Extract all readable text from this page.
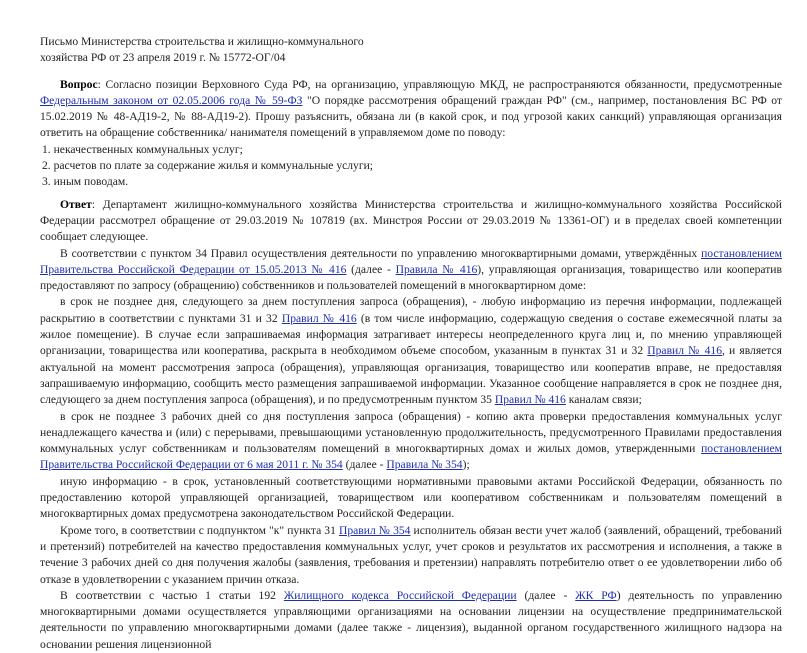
Письмо Министерства строительства и жилищно-коммунального хозяйства РФ от 23 апреля 2019 г. № 15772-ОГ/04

Вопрос: Согласно позиции Верховного Суда РФ, на организацию, управляющую МКД, не распространяются обязанности, предусмотренные Федеральным законом от 02.05.2006 года № 59-ФЗ "О порядке рассмотрения обращений граждан РФ" (см., например, постановления ВС РФ от 15.02.2019 № 48-АД19-2, № 88-АД19-2). Прошу разъяснить, обязана ли (в какой срок, и под угрозой каких санкций) управляющая организация ответить на обращение собственника/ нанимателя помещений в управляемом доме по поводу:

1. некачественных коммунальных услуг;

2. расчетов по плате за содержание жилья и коммунальные услуги;

3. иным поводам.

Ответ: Департамент жилищно-коммунального хозяйства Министерства строительства и жилищно-коммунального хозяйства Российской Федерации рассмотрел обращение от 29.03.2019 № 107819 (вх. Минстроя России от 29.03.2019 № 13361-ОГ) и в пределах своей компетенции сообщает следующее.

В соответствии с пунктом 34 Правил осуществления деятельности по управлению многоквартирными домами, утверждённых постановлением Правительства Российской Федерации от 15.05.2013 № 416 (далее - Правила № 416), управляющая организация, товарищество или кооператив предоставляют по запросу (обращению) собственников и пользователей помещений в многоквартирном доме:

в срок не позднее дня, следующего за днем поступления запроса (обращения), - любую информацию из перечня информации, подлежащей раскрытию в соответствии с пунктами 31 и 32 Правил № 416 (в том числе информацию, содержащую сведения о составе ежемесячной платы за жилое помещение). В случае если запрашиваемая информация затрагивает интересы неопределенного круга лиц и, по мнению управляющей организации, товарищества или кооператива, раскрыта в необходимом объеме способом, указанным в пунктах 31 и 32 Правил № 416, и является актуальной на момент рассмотрения запроса (обращения), управляющая организация, товарищество или кооператив вправе, не предоставляя запрашиваемую информацию, сообщить место размещения запрашиваемой информации. Указанное сообщение направляется в срок не позднее дня, следующего за днем поступления запроса (обращения), и по предусмотренным пунктом 35 Правил № 416 каналам связи;

в срок не позднее 3 рабочих дней со дня поступления запроса (обращения) - копию акта проверки предоставления коммунальных услуг ненадлежащего качества и (или) с перерывами, превышающими установленную продолжительность, предусмотренного Правилами предоставления коммунальных услуг собственникам и пользователям помещений в многоквартирных домах и жилых домов, утвержденными постановлением Правительства Российской Федерации от 6 мая 2011 г. № 354 (далее - Правила № 354);

иную информацию - в срок, установленный соответствующими нормативными правовыми актами Российской Федерации, обязанность по предоставлению которой управляющей организацией, товариществом или кооперативом собственникам и пользователям помещений в многоквартирных домах предусмотрена законодательством Российской Федерации.

Кроме того, в соответствии с подпунктом "к" пункта 31 Правил № 354 исполнитель обязан вести учет жалоб (заявлений, обращений, требований и претензий) потребителей на качество предоставления коммунальных услуг, учет сроков и результатов их рассмотрения и исполнения, а также в течение 3 рабочих дней со дня получения жалобы (заявления, требования и претензии) направлять потребителю ответ о ее удовлетворении либо об отказе в удовлетворении с указанием причин отказа.

В соответствии с частью 1 статьи 192 Жилищного кодекса Российской Федерации (далее - ЖК РФ) деятельность по управлению многоквартирными домами осуществляется управляющими организациями на основании лицензии на осуществление предпринимательской деятельности по управлению многоквартирными домами (далее также - лицензия), выданной органом государственного жилищного надзора на основании решения лицензионной
